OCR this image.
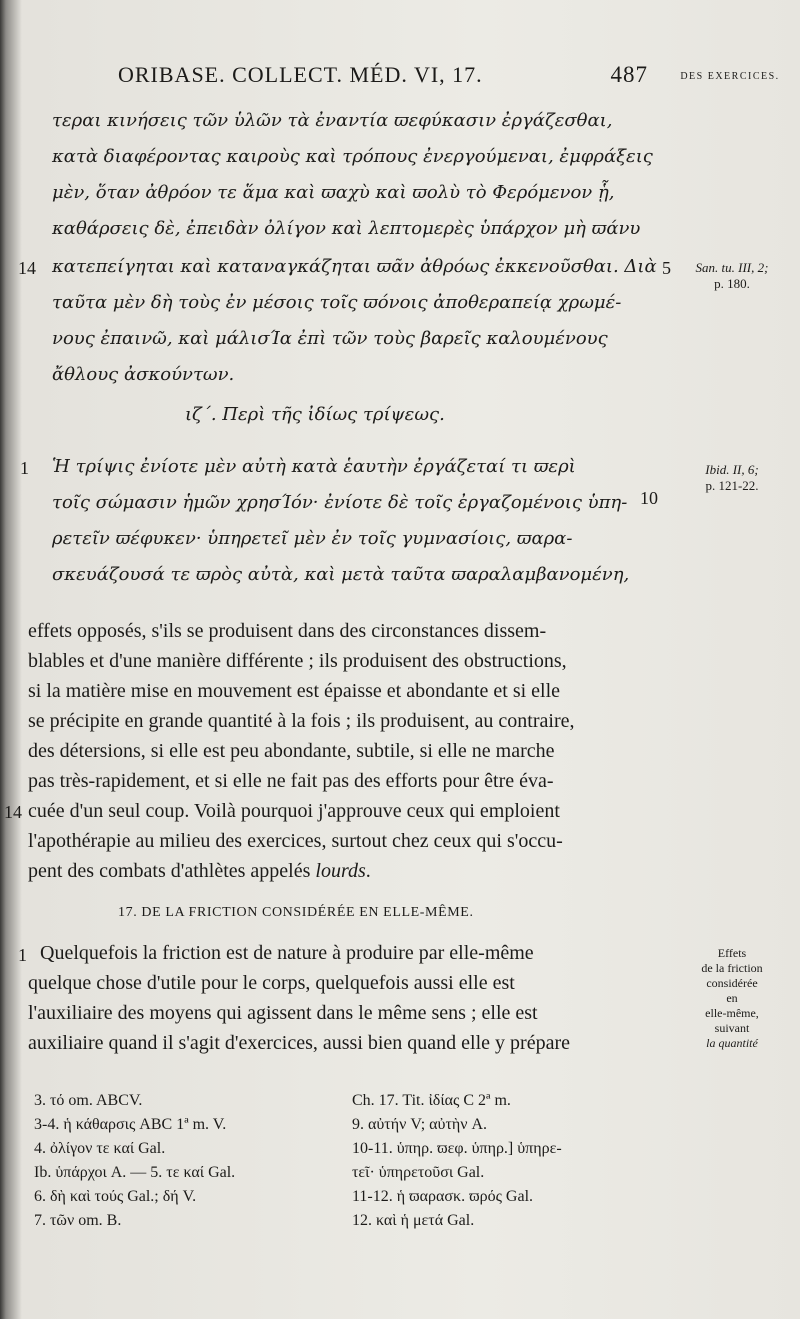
ORIBASE. COLLECT. MÉD. VI, 17.	487	DES EXERCICES.
τεραι κινήσεις τῶν ὑλῶν τὰ ἐναντία ϖεφύκασιν ἐργάζεσθαι,
κατὰ διαφέροντας καιροὺς καὶ τρόπους ἐνεργούμεναι, ἐμφράξεις
μὲν, ὅταν ἀθρόον τε ἅμα καὶ ϖαχὺ καὶ ϖολὺ τὸ Φερόμενον ᾗ,
καθάρσεις δὲ, ἐπειδὰν ὀλίγον καὶ λεπτομερὲς ὑπάρχον μὴ ϖάνυ
κατεπείγηται καὶ καταναγκάζηται ϖᾶν ἀθρόως ἐκκενοῦσθαι. Διὰ
ταῦτα μὲν δὴ τοὺς ἐν μέσοις τοῖς ϖόνοις ἀποθεραπείᾳ χρωμέ-
νους ἐπαινῶ, καὶ μάλισΊα ἐπὶ τῶν τοὺς βαρεῖς καλουμένους
ἄθλους ἀσκούντων.
14	5	San. tu. III, 2;
p. 180.
ιζ΄. Περὶ τῆς ἰδίως τρίψεως.
Ἡ τρίψις ἐνίοτε μὲν αὐτὴ κατὰ ἑαυτὴν ἐργάζεταί τι ϖερὶ
τοῖς σώμασιν ἡμῶν χρησΊόν· ἐνίοτε δὲ τοῖς ἐργαζομένοις ὑπη-
ρετεῖν ϖέφυκεν· ὑπηρετεῖ μὲν ἐν τοῖς γυμνασίοις, ϖαρα-
σκευάζουσά τε ϖρὸς αὐτὰ, καὶ μετὰ ταῦτα ϖαραλαμβανομένη,
1
10
Ibid. II, 6;
p. 121-22.
effets opposés, s'ils se produisent dans des circonstances dissem-
blables et d'une manière différente ; ils produisent des obstructions,
si la matière mise en mouvement est épaisse et abondante et si elle
se précipite en grande quantité à la fois ; ils produisent, au contraire,
des détersions, si elle est peu abondante, subtile, si elle ne marche
pas très-rapidement, et si elle ne fait pas des efforts pour être éva-
cuée d'un seul coup. Voilà pourquoi j'approuve ceux qui emploient
l'apothérapie au milieu des exercices, surtout chez ceux qui s'occu-
pent des combats d'athlètes appelés lourds.
14
17. DE LA FRICTION CONSIDÉRÉE EN ELLE-MÊME.
Quelquefois la friction est de nature à produire par elle-même
quelque chose d'utile pour le corps, quelquefois aussi elle est
l'auxiliaire des moyens qui agissent dans le même sens ; elle est
auxiliaire quand il s'agit d'exercices, aussi bien quand elle y prépare
1	Effets
de la friction
considérée
en
elle-même,
suivant
la quantité
3. τό om. ABCV.
3-4. ἡ κάθαρσις ABC 1ª m. V.
4. ὀλίγον τε καί Gal.
Ib. ὑπάρχοι A. — 5. τε καί Gal.
6. δὴ καὶ τούς Gal.; δή V.
7. τῶν om. B.
Ch. 17. Tit. ἰδίας C 2ª m.
9. αὐτήν V; αὐτὴν A.
10-11. ὑπηρ. ϖεφ. ὑπηρ.] ὑπηρε-
τεῖ· ὑπηρετοῦσι Gal.
11-12. ἡ ϖαρασκ. ϖρός Gal.
12. καὶ ἡ μετά Gal.
